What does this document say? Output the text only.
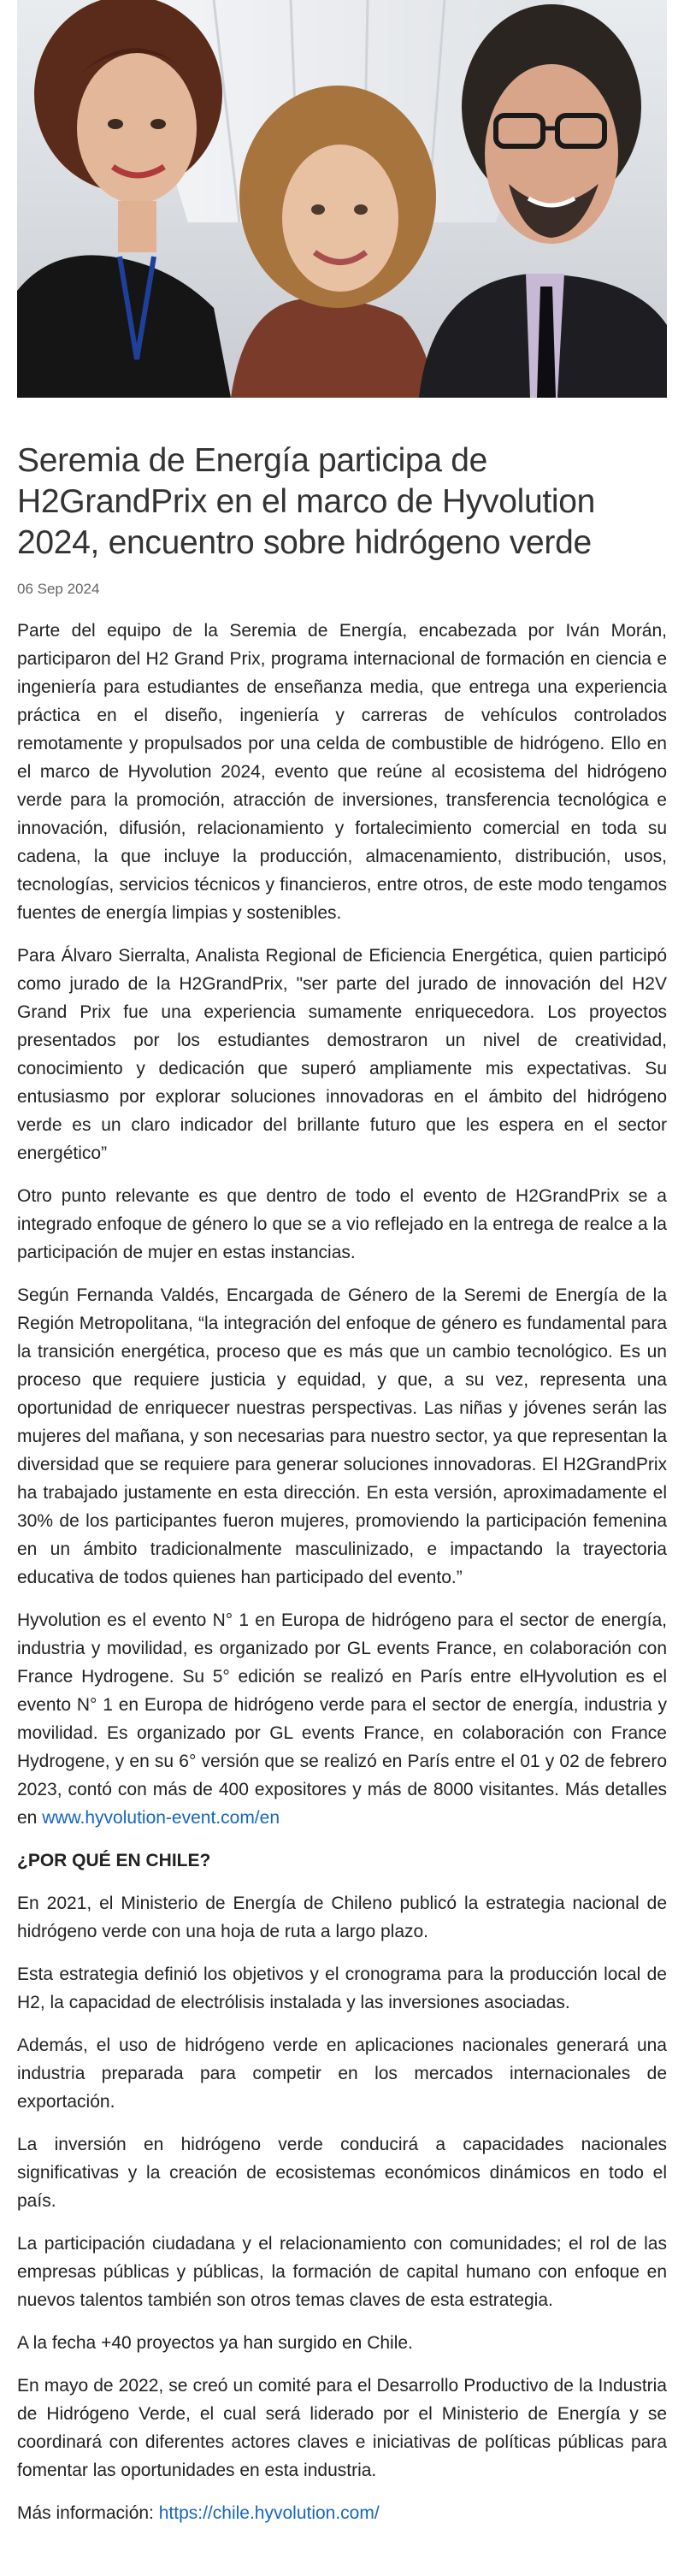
Seremia de Energía participa de H2GrandPrix en el marco de Hyvolution 2024, encuentro sobre hidrógeno verde
06 Sep 2024

Parte del equipo de la Seremia de Energía, encabezada por Iván Morán, participaron del H2 Grand Prix, programa internacional de formación en ciencia e ingeniería para estudiantes de enseñanza media, que entrega una experiencia práctica en el diseño, ingeniería y carreras de vehículos controlados remotamente y propulsados por una celda de combustible de hidrógeno. Ello en el marco de Hyvolution 2024, evento que reúne al ecosistema del hidrógeno verde para la promoción, atracción de inversiones, transferencia tecnológica e innovación, difusión, relacionamiento y fortalecimiento comercial en toda su cadena, la que incluye la producción, almacenamiento, distribución, usos, tecnologías, servicios técnicos y financieros, entre otros, de este modo tengamos fuentes de energía limpias y sostenibles.

Para Álvaro Sierralta, Analista Regional de Eficiencia Energética, quien participó como jurado de la H2GrandPrix, "ser parte del jurado de innovación del H2V Grand Prix fue una experiencia sumamente enriquecedora. Los proyectos presentados por los estudiantes demostraron un nivel de creatividad, conocimiento y dedicación que superó ampliamente mis expectativas. Su entusiasmo por explorar soluciones innovadoras en el ámbito del hidrógeno verde es un claro indicador del brillante futuro que les espera en el sector energético”

Otro punto relevante es que dentro de todo el evento de H2GrandPrix se a integrado enfoque de género lo que se a vio reflejado en la entrega de realce a la participación de mujer en estas instancias.

Según Fernanda Valdés, Encargada de Género de la Seremi de Energía de la Región Metropolitana, “la integración del enfoque de género es fundamental para la transición energética, proceso que es más que un cambio tecnológico. Es un proceso que requiere justicia y equidad, y que, a su vez, representa una oportunidad de enriquecer nuestras perspectivas. Las niñas y jóvenes serán las mujeres del mañana, y son necesarias para nuestro sector, ya que representan la diversidad que se requiere para generar soluciones innovadoras. El H2GrandPrix ha trabajado justamente en esta dirección. En esta versión, aproximadamente el 30% de los participantes fueron mujeres, promoviendo la participación femenina en un ámbito tradicionalmente masculinizado, e impactando la trayectoria educativa de todos quienes han participado del evento.”

Hyvolution es el evento N° 1 en Europa de hidrógeno para el sector de energía, industria y movilidad, es organizado por GL events France, en colaboración con France Hydrogene. Su 5° edición se realizó en París entre elHyvolution es el evento N° 1 en Europa de hidrógeno verde para el sector de energía, industria y movilidad. Es organizado por GL events France, en colaboración con France Hydrogene, y en su 6° versión que se realizó en París entre el 01 y 02 de febrero 2023, contó con más de 400 expositores y más de 8000 visitantes. Más detalles en www.hyvolution-event.com/en

¿POR QUÉ EN CHILE?

En 2021, el Ministerio de Energía de Chileno publicó la estrategia nacional de hidrógeno verde con una hoja de ruta a largo plazo.

Esta estrategia definió los objetivos y el cronograma para la producción local de H2, la capacidad de electrólisis instalada y las inversiones asociadas.

Además, el uso de hidrógeno verde en aplicaciones nacionales generará una industria preparada para competir en los mercados internacionales de exportación.

La inversión en hidrógeno verde conducirá a capacidades nacionales significativas y la creación de ecosistemas económicos dinámicos en todo el país.

La participación ciudadana y el relacionamiento con comunidades; el rol de las empresas públicas y públicas, la formación de capital humano con enfoque en nuevos talentos también son otros temas claves de esta estrategia.

A la fecha +40 proyectos ya han surgido en Chile.

En mayo de 2022, se creó un comité para el Desarrollo Productivo de la Industria de Hidrógeno Verde, el cual será liderado por el Ministerio de Energía y se coordinará con diferentes actores claves e iniciativas de políticas públicas para fomentar las oportunidades en esta industria.

Más información: https://chile.hyvolution.com/
